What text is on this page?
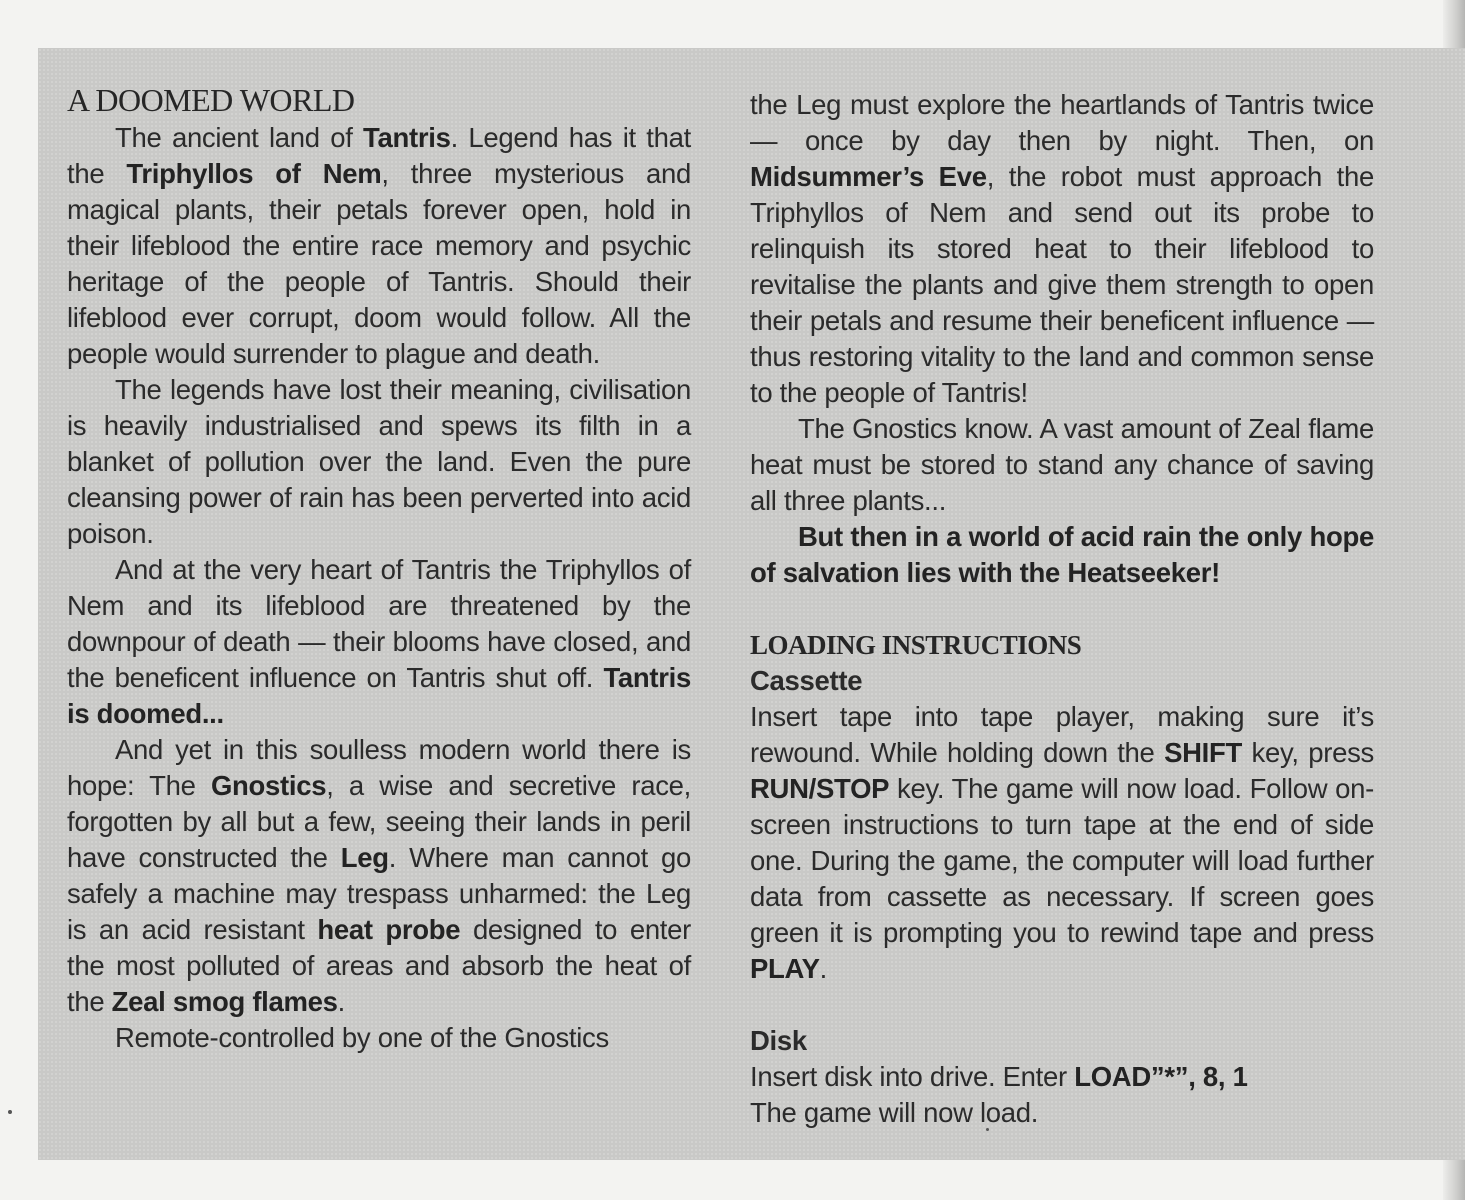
A DOOMED WORLD

The ancient land of Tantris. Legend has it that the Triphyllos of Nem, three mysterious and magical plants, their petals forever open, hold in their lifeblood the entire race memory and psychic heritage of the people of Tantris. Should their lifeblood ever corrupt, doom would follow. All the people would surrender to plague and death.

The legends have lost their meaning, civilisation is heavily industrialised and spews its filth in a blanket of pollution over the land. Even the pure cleansing power of rain has been perverted into acid poison.

And at the very heart of Tantris the Triphyllos of Nem and its lifeblood are threatened by the downpour of death — their blooms have closed, and the beneficent influence on Tantris shut off. Tantris is doomed...

And yet in this soulless modern world there is hope: The Gnostics, a wise and secretive race, forgotten by all but a few, seeing their lands in peril have constructed the Leg. Where man cannot go safely a machine may trespass unharmed: the Leg is an acid resistant heat probe designed to enter the most polluted of areas and absorb the heat of the Zeal smog flames.

Remote-controlled by one of the Gnostics

the Leg must explore the heartlands of Tantris twice — once by day then by night. Then, on Midsummer’s Eve, the robot must approach the Triphyllos of Nem and send out its probe to relinquish its stored heat to their lifeblood to revitalise the plants and give them strength to open their petals and resume their beneficent influence — thus restoring vitality to the land and common sense to the people of Tantris!

The Gnostics know. A vast amount of Zeal flame heat must be stored to stand any chance of saving all three plants...

But then in a world of acid rain the only hope of salvation lies with the Heatseeker!

LOADING INSTRUCTIONS

Cassette

Insert tape into tape player, making sure it’s rewound. While holding down the SHIFT key, press RUN/STOP key. The game will now load. Follow on-screen instructions to turn tape at the end of side one. During the game, the computer will load further data from cassette as necessary. If screen goes green it is prompting you to rewind tape and press PLAY.

Disk

Insert disk into drive. Enter LOAD”*”, 8, 1

The game will now load.
